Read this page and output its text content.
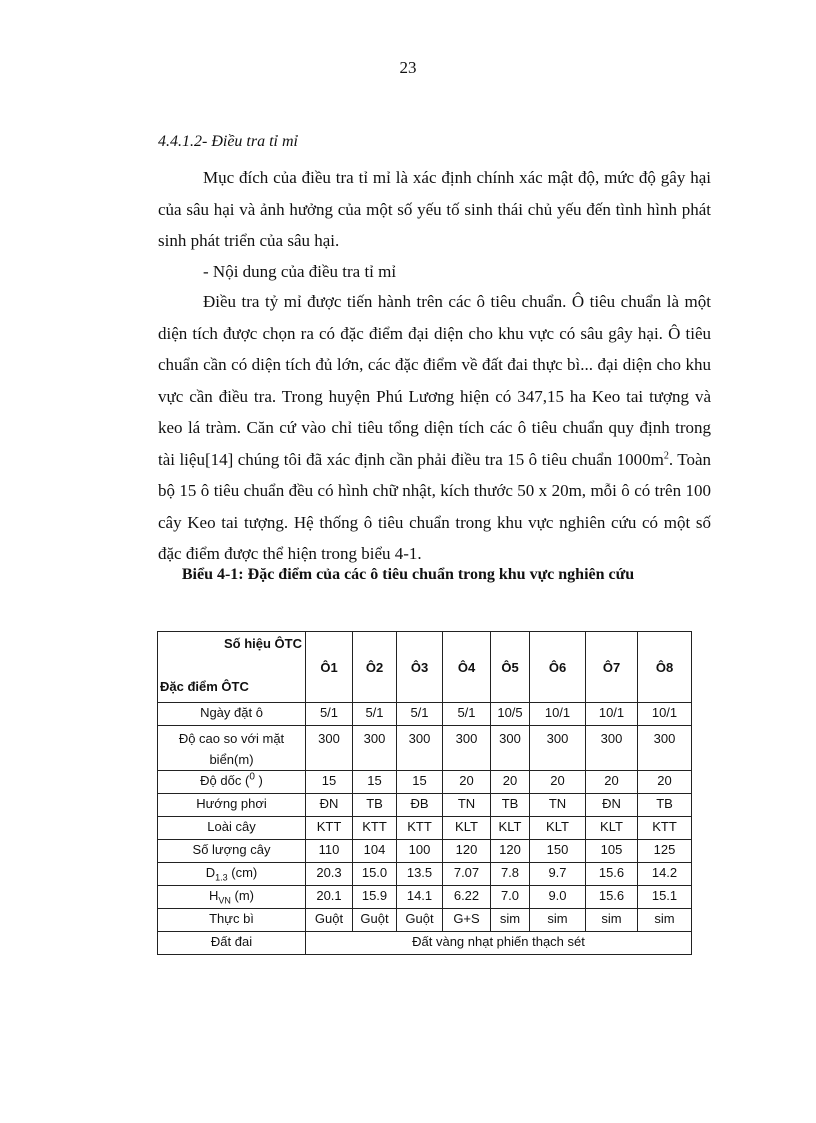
23
4.4.1.2- Điều tra tỉ mỉ
Mục đích của điều tra tỉ mỉ là xác định chính xác mật độ, mức độ gây hại của sâu hại và ảnh hưởng của một số yếu tố sinh thái chủ yếu đến tình hình phát sinh phát triển của sâu hại.
- Nội dung của điều tra tỉ mỉ
Điều tra tỷ mỉ được tiến hành trên các ô tiêu chuẩn. Ô tiêu chuẩn là một diện tích được chọn ra có đặc điểm đại diện cho khu vực có sâu gây hại. Ô tiêu chuẩn cần có diện tích đủ lớn, các đặc điểm về đất đai thực bì... đại diện cho khu vực cần điều tra. Trong huyện Phú Lương hiện có 347,15 ha Keo tai tượng và keo lá tràm. Căn cứ vào chỉ tiêu tổng diện tích các ô tiêu chuẩn quy định trong tài liệu[14] chúng tôi đã xác định cần phải điều tra 15 ô tiêu chuẩn $1000m^2$. Toàn bộ 15 ô tiêu chuẩn đều có hình chữ nhật, kích thước 50 x 20m, mỗi ô có trên 100 cây Keo tai tượng. Hệ thống ô tiêu chuẩn trong khu vực nghiên cứu có một số đặc điểm được thể hiện trong biểu 4-1.
Biểu 4-1: Đặc điểm của các ô tiêu chuẩn trong khu vực nghiên cứu
Số hiệu ÔTC
Đặc điểm ÔTC	Ô1	Ô2	Ô3	Ô4	Ô5	Ô6	Ô7	Ô8
Ngày đặt ô	5/1	5/1	5/1	5/1	10/5	10/1	10/1	10/1
Độ cao so với mặt biển(m)	300	300	300	300	300	300	300	300
Độ dốc ($^0$ )	15	15	15	20	20	20	20	20
Hướng phơi	ĐN	TB	ĐB	TN	TB	TN	ĐN	TB
Loài cây	KTT	KTT	KTT	KLT	KLT	KLT	KLT	KTT
Số lượng cây	110	104	100	120	120	150	105	125
$D_{1.3}$ (cm)	20.3	15.0	13.5	7.07	7.8	9.7	15.6	14.2
$H_{VN}$ (m)	20.1	15.9	14.1	6.22	7.0	9.0	15.6	15.1
Thực bì	Guột	Guột	Guột	G+S	sim	sim	sim	sim
Đất đai	Đất vàng nhạt phiến thạch sét							
